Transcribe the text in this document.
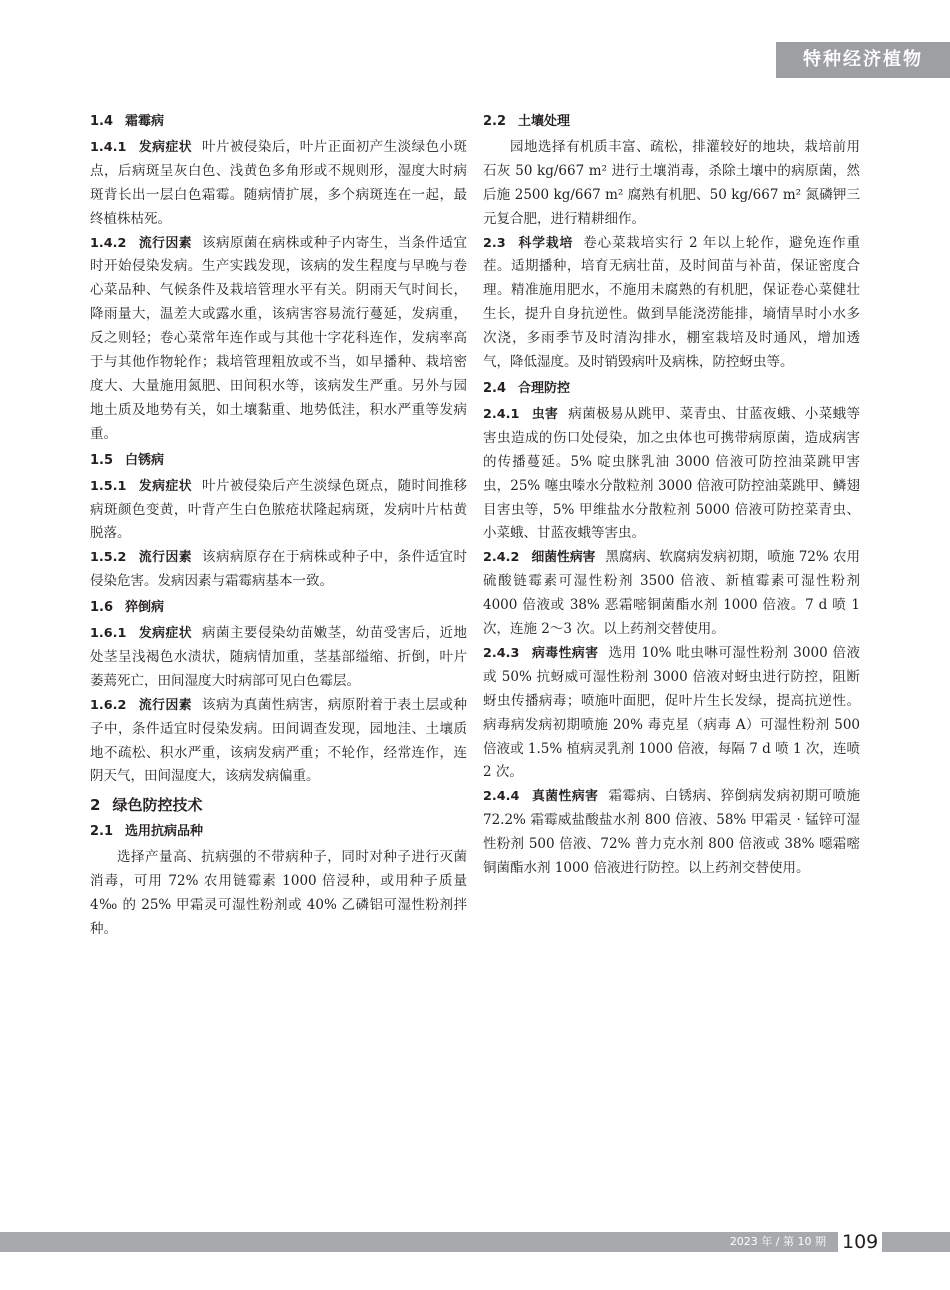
特种经济植物
1.4 霜霉病
1.4.1 发病症状 叶片被侵染后，叶片正面初产生淡绿色小斑点，后病斑呈灰白色、浅黄色多角形或不规则形，湿度大时病斑背长出一层白色霜霉。随病情扩展，多个病斑连在一起，最终植株枯死。
1.4.2 流行因素 该病原菌在病株或种子内寄生，当条件适宜时开始侵染发病。生产实践发现，该病的发生程度与早晚与卷心菜品种、气候条件及栽培管理水平有关。阴雨天气时间长，降雨量大，温差大或露水重，该病害容易流行蔓延，发病重，反之则轻；卷心菜常年连作或与其他十字花科连作，发病率高于与其他作物轮作；栽培管理粗放或不当，如早播种、栽培密度大、大量施用氮肥、田间积水等，该病发生严重。另外与园地土质及地势有关，如土壤黏重、地势低洼，积水严重等发病重。
1.5 白锈病
1.5.1 发病症状 叶片被侵染后产生淡绿色斑点，随时间推移病斑颜色变黄，叶背产生白色脓疮状隆起病斑，发病叶片枯黄脱落。
1.5.2 流行因素 该病病原存在于病株或种子中，条件适宜时侵染危害。发病因素与霜霉病基本一致。
1.6 猝倒病
1.6.1 发病症状 病菌主要侵染幼苗嫩茎，幼苗受害后，近地处茎呈浅褐色水渍状，随病情加重，茎基部缢缩、折倒，叶片萎蔫死亡，田间湿度大时病部可见白色霉层。
1.6.2 流行因素 该病为真菌性病害，病原附着于表土层或种子中，条件适宜时侵染发病。田间调查发现，园地洼、土壤质地不疏松、积水严重，该病发病严重；不轮作，经常连作，连阴天气，田间湿度大，该病发病偏重。
2 绿色防控技术
2.1 选用抗病品种
选择产量高、抗病强的不带病种子，同时对种子进行灭菌消毒，可用 72% 农用链霉素 1000 倍浸种，或用种子质量 4‰ 的 25% 甲霜灵可湿性粉剂或 40% 乙磷铝可湿性粉剂拌种。
2.2 土壤处理
园地选择有机质丰富、疏松，排灌较好的地块，栽培前用石灰 50 kg/667 m² 进行土壤消毒，杀除土壤中的病原菌，然后施 2500 kg/667 m² 腐熟有机肥、50 kg/667 m² 氮磷钾三元复合肥，进行精耕细作。
2.3 科学栽培 卷心菜栽培实行 2 年以上轮作，避免连作重茬。适期播种，培育无病壮苗，及时间苗与补苗，保证密度合理。精准施用肥水，不施用未腐熟的有机肥，保证卷心菜健壮生长，提升自身抗逆性。做到旱能浇涝能排，墒情旱时小水多次浇，多雨季节及时清沟排水，棚室栽培及时通风，增加透气，降低湿度。及时销毁病叶及病株，防控蚜虫等。
2.4 合理防控
2.4.1 虫害 病菌极易从跳甲、菜青虫、甘蓝夜蛾、小菜蛾等害虫造成的伤口处侵染，加之虫体也可携带病原菌，造成病害的传播蔓延。5% 啶虫脒乳油 3000 倍液可防控油菜跳甲害虫，25% 噻虫嗪水分散粒剂 3000 倍液可防控油菜跳甲、鳞翅目害虫等，5% 甲维盐水分散粒剂 5000 倍液可防控菜青虫、小菜蛾、甘蓝夜蛾等害虫。
2.4.2 细菌性病害 黑腐病、软腐病发病初期，喷施 72% 农用硫酸链霉素可湿性粉剂 3500 倍液、新植霉素可湿性粉剂 4000 倍液或 38% 恶霜嘧铜菌酯水剂 1000 倍液。7 d 喷 1 次，连施 2～3 次。以上药剂交替使用。
2.4.3 病毒性病害 选用 10% 吡虫啉可湿性粉剂 3000 倍液或 50% 抗蚜威可湿性粉剂 3000 倍液对蚜虫进行防控，阻断蚜虫传播病毒；喷施叶面肥，促叶片生长发绿，提高抗逆性。病毒病发病初期喷施 20% 毒克星（病毒 A）可湿性粉剂 500 倍液或 1.5% 植病灵乳剂 1000 倍液，每隔 7 d 喷 1 次，连喷 2 次。
2.4.4 真菌性病害 霜霉病、白锈病、猝倒病发病初期可喷施 72.2% 霜霉威盐酸盐水剂 800 倍液、58% 甲霜灵 · 锰锌可湿性粉剂 500 倍液、72% 普力克水剂 800 倍液或 38% 噁霜嘧铜菌酯水剂 1000 倍液进行防控。以上药剂交替使用。
2023 年 / 第 10 期 109
